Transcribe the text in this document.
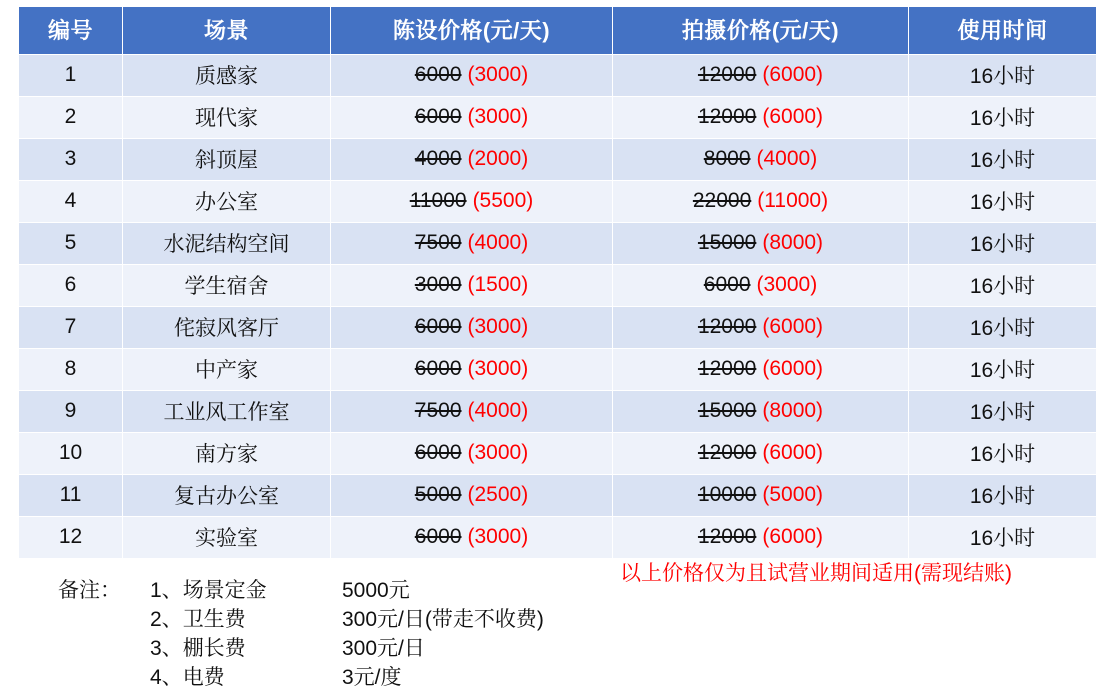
编号	场景	陈设价格(元/天)	拍摄价格(元/天)	使用时间
1	质感家	6000 (3000)	12000 (6000)	16小时
2	现代家	6000 (3000)	12000 (6000)	16小时
3	斜顶屋	4000 (2000)	8000 (4000)	16小时
4	办公室	11000 (5500)	22000 (11000)	16小时
5	水泥结构空间	7500 (4000)	15000 (8000)	16小时
6	学生宿舍	3000 (1500)	6000 (3000)	16小时
7	侘寂风客厅	6000 (3000)	12000 (6000)	16小时
8	中产家	6000 (3000)	12000 (6000)	16小时
9	工业风工作室	7500 (4000)	15000 (8000)	16小时
10	南方家	6000 (3000)	12000 (6000)	16小时
11	复古办公室	5000 (2500)	10000 (5000)	16小时
12	实验室	6000 (3000)	12000 (6000)	16小时
备注：	1、场景定金	5000元
2、卫生费	300元/日(带走不收费)
3、棚长费	300元/日
4、电费	3元/度
以上价格仅为且试营业期间适用(需现结账)
